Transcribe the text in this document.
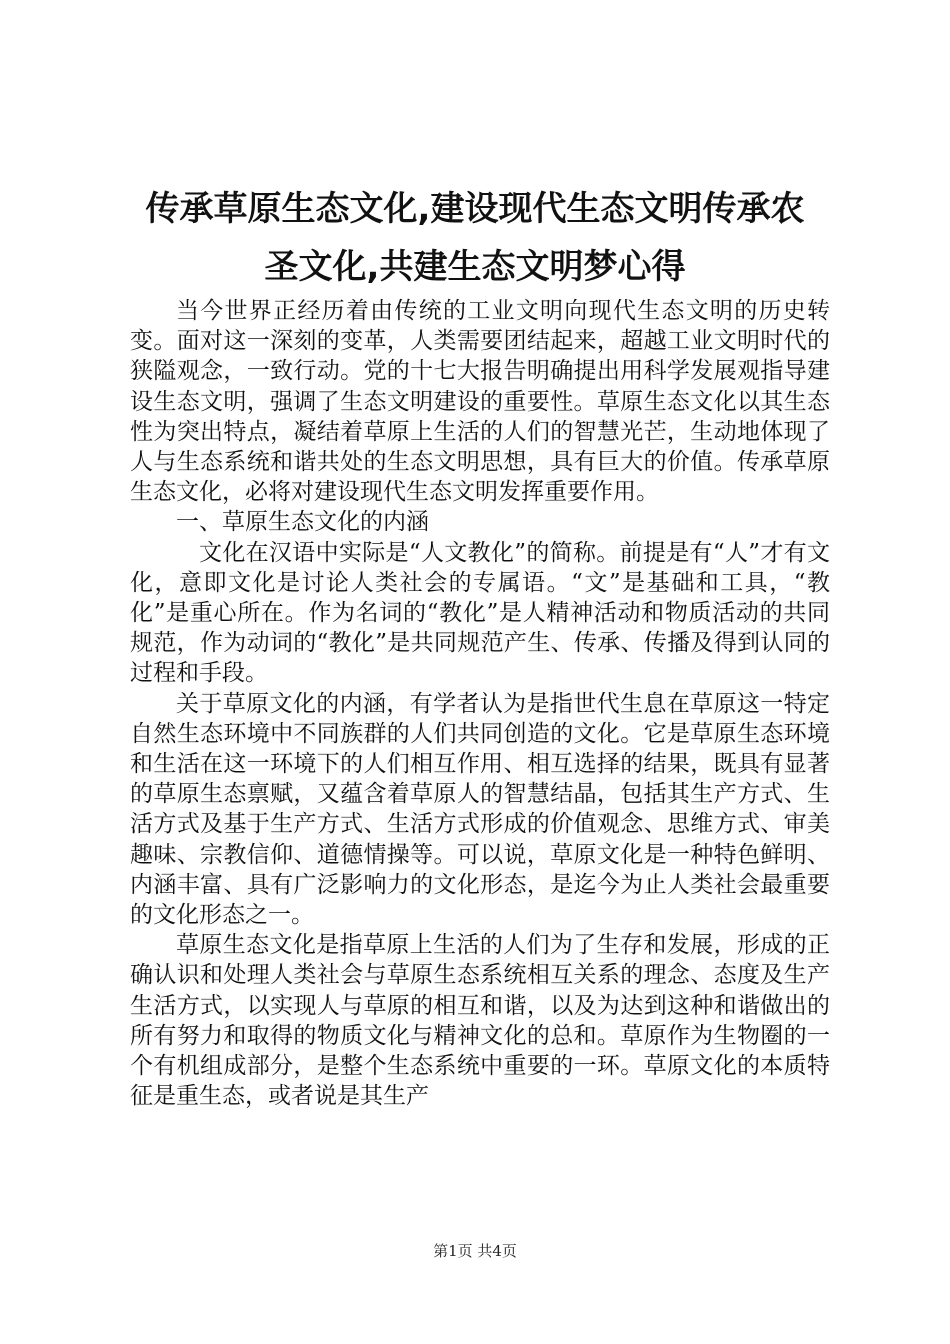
传承草原生态文化,建设现代生态文明传承农
圣文化,共建生态文明梦心得

当今世界正经历着由传统的工业文明向现代生态文明的历史转变。面对这一深刻的变革，人类需要团结起来，超越工业文明时代的狭隘观念，一致行动。党的十七大报告明确提出用科学发展观指导建设生态文明，强调了生态文明建设的重要性。草原生态文化以其生态性为突出特点，凝结着草原上生活的人们的智慧光芒，生动地体现了人与生态系统和谐共处的生态文明思想，具有巨大的价值。传承草原生态文化，必将对建设现代生态文明发挥重要作用。

一、草原生态文化的内涵

文化在汉语中实际是“人文教化”的简称。前提是有“人”才有文化，意即文化是讨论人类社会的专属语。“文”是基础和工具，“教化”是重心所在。作为名词的“教化”是人精神活动和物质活动的共同规范，作为动词的“教化”是共同规范产生、传承、传播及得到认同的过程和手段。

关于草原文化的内涵，有学者认为是指世代生息在草原这一特定自然生态环境中不同族群的人们共同创造的文化。它是草原生态环境和生活在这一环境下的人们相互作用、相互选择的结果，既具有显著的草原生态禀赋，又蕴含着草原人的智慧结晶，包括其生产方式、生活方式及基于生产方式、生活方式形成的价值观念、思维方式、审美趣味、宗教信仰、道德情操等。可以说，草原文化是一种特色鲜明、内涵丰富、具有广泛影响力的文化形态，是迄今为止人类社会最重要的文化形态之一。

草原生态文化是指草原上生活的人们为了生存和发展，形成的正确认识和处理人类社会与草原生态系统相互关系的理念、态度及生产生活方式，以实现人与草原的相互和谐，以及为达到这种和谐做出的所有努力和取得的物质文化与精神文化的总和。草原作为生物圈的一个有机组成部分，是整个生态系统中重要的一环。草原文化的本质特征是重生态，或者说是其生产

第1页 共4页
